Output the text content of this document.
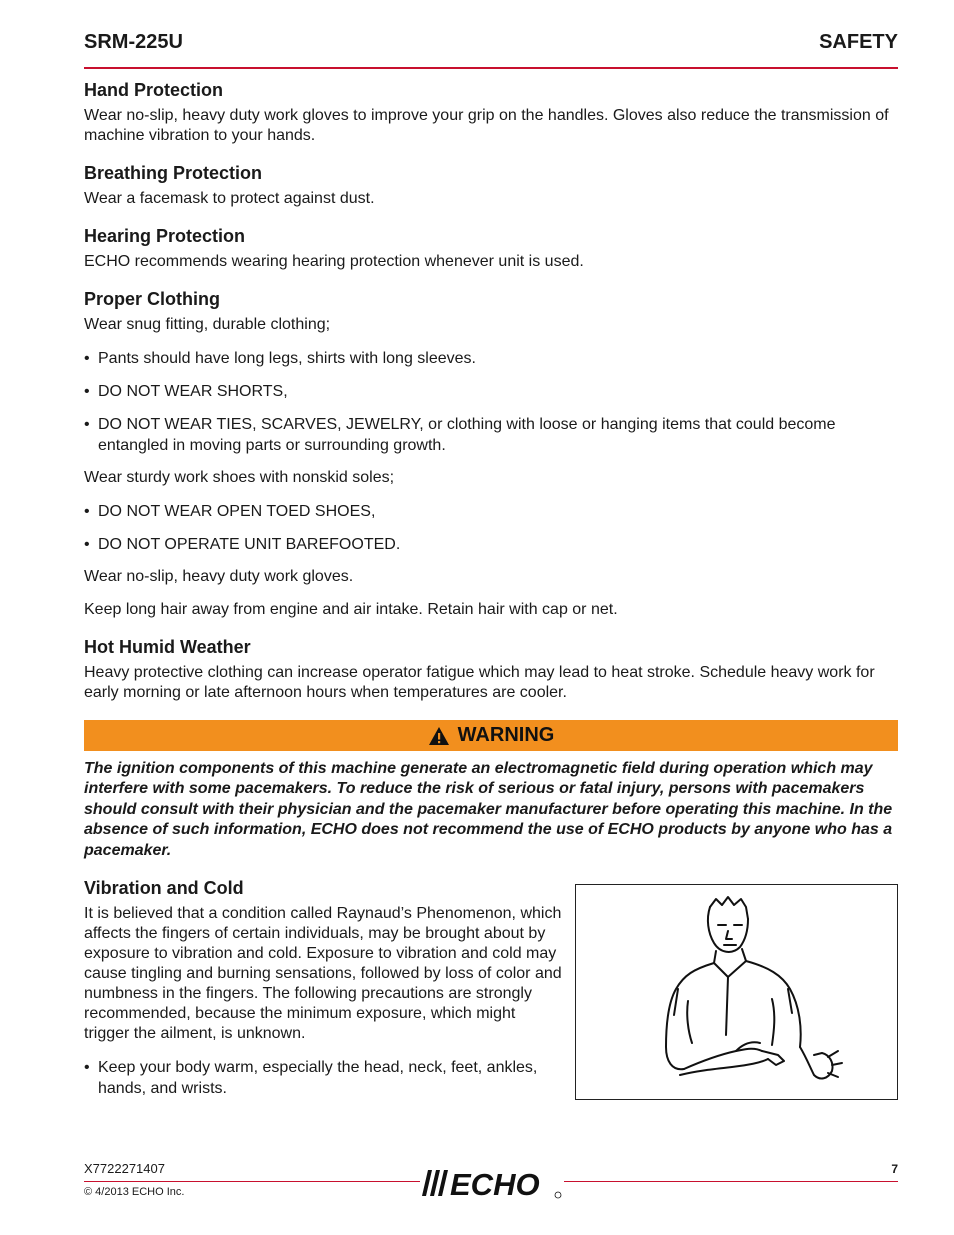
SRM-225U	SAFETY
Hand Protection

Wear no-slip, heavy duty work gloves to improve your grip on the handles. Gloves also reduce the transmission of machine vibration to your hands.

Breathing Protection

Wear a facemask to protect against dust.

Hearing Protection

ECHO recommends wearing hearing protection whenever unit is used.

Proper Clothing

Wear snug fitting, durable clothing;

• Pants should have long legs, shirts with long sleeves.
• DO NOT WEAR SHORTS,
• DO NOT WEAR TIES, SCARVES, JEWELRY, or clothing with loose or hanging items that could become entangled in moving parts or surrounding growth.

Wear sturdy work shoes with nonskid soles;

• DO NOT WEAR OPEN TOED SHOES,
• DO NOT OPERATE UNIT BAREFOOTED.

Wear no-slip, heavy duty work gloves.

Keep long hair away from engine and air intake. Retain hair with cap or net.

Hot Humid Weather

Heavy protective clothing can increase operator fatigue which may lead to heat stroke. Schedule heavy work for early morning or late afternoon hours when temperatures are cooler.

WARNING

The ignition components of this machine generate an electromagnetic field during operation which may interfere with some pacemakers. To reduce the risk of serious or fatal injury, persons with pacemakers should consult with their physician and the pacemaker manufacturer before operating this machine. In the absence of such information, ECHO does not recommend the use of ECHO products by anyone who has a pacemaker.

Vibration and Cold

It is believed that a condition called Raynaud’s Phenomenon, which affects the fingers of certain individuals, may be brought about by exposure to vibration and cold. Exposure to vibration and cold may cause tingling and burning sensations, followed by loss of color and numbness in the fingers. The following precautions are strongly recommended, because the minimum exposure, which might trigger the ailment, is unknown.

• Keep your body warm, especially the head, neck, feet, ankles, hands, and wrists.
X7722271407	7
© 4/2013 ECHO Inc.	ECHO
